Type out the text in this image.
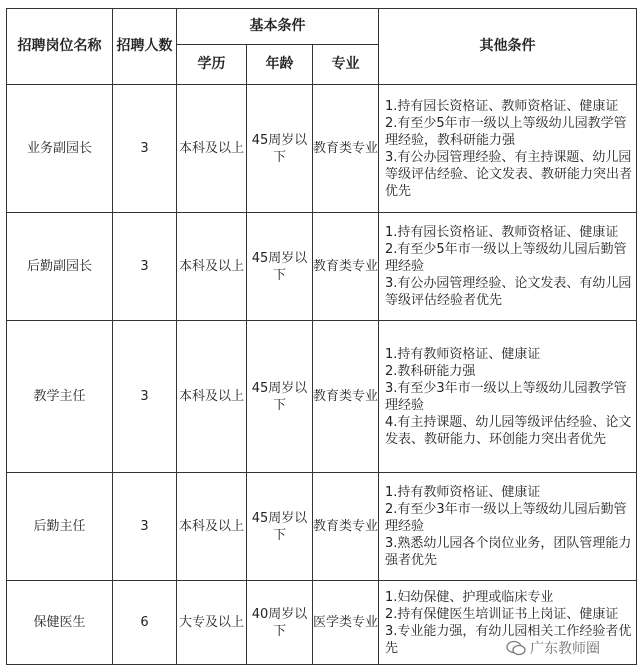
招聘岗位名称	招聘人数	基本条件			其他条件
		学历	年龄	专业	
业务副园长	3	本科及以上	45周岁以下	教育类专业	1.持有园长资格证、教师资格证、健康证
2.有至少5年市一级以上等级幼儿园教学管理经验，教科研能力强
3.有公办园管理经验、有主持课题、幼儿园等级评估经验、论文发表、教研能力突出者优先

后勤副园长	3	本科及以上	45周岁以下	教育类专业	1.持有园长资格证、教师资格证、健康证
2.有至少5年市一级以上等级幼儿园后勤管理经验
3.有公办园管理经验、论文发表、有幼儿园等级评估经验者优先

教学主任	3	本科及以上	45周岁以下	教育类专业	1.持有教师资格证、健康证
2.教科研能力强
3.有至少3年市一级以上等级幼儿园教学管理经验
4.有主持课题、幼儿园等级评估经验、论文发表、教研能力、环创能力突出者优先

后勤主任	3	本科及以上	45周岁以下	教育类专业	1.持有教师资格证、健康证
2.有至少3年市一级以上等级幼儿园后勤管理经验
3.熟悉幼儿园各个岗位业务，团队管理能力强者优先

保健医生	6	大专及以上	40周岁以下	医学类专业	1.妇幼保健、护理或临床专业
2.持有保健医生培训证书上岗证、健康证
3.专业能力强，有幼儿园相关工作经验者优先	广东教师圈
